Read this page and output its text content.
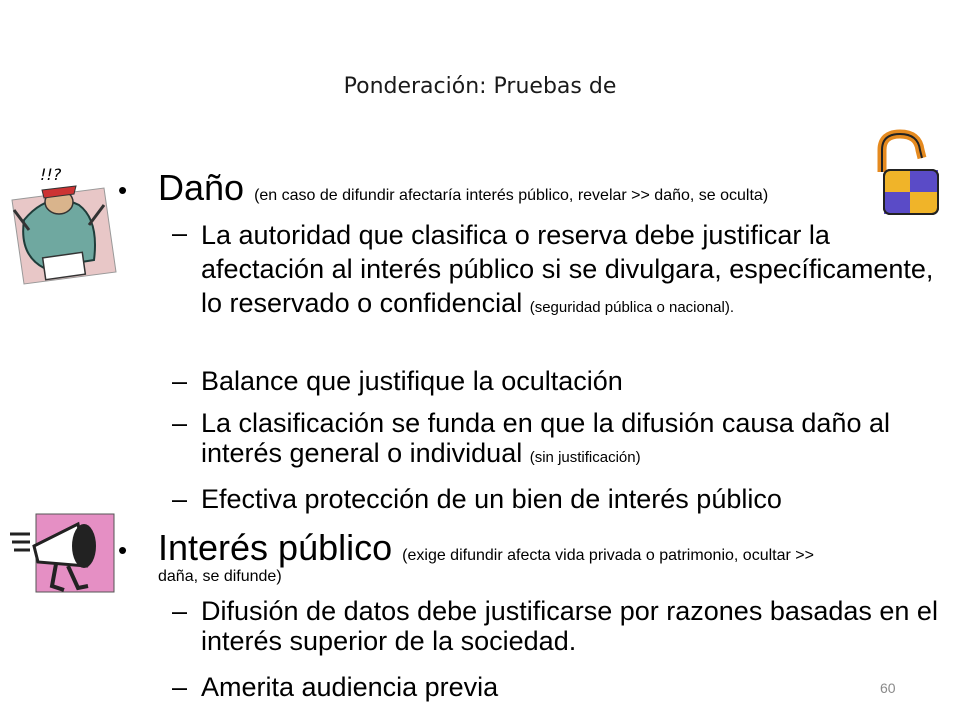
Ponderación: Pruebas de
!!?
• Daño (en caso de difundir afectaría interés público, revelar >> daño, se oculta)
– La autoridad que clasifica o reserva debe justificar la afectación al interés público si se divulgara, específicamente, lo reservado o confidencial (seguridad pública o nacional).
– Balance que justifique la ocultación
– La clasificación se funda en que la difusión causa daño al interés general o individual (sin justificación)
– Efectiva protección de un bien de interés público
• Interés público (exige difundir afecta vida privada o patrimonio, ocultar >>
daña, se difunde)
– Difusión de datos debe justificarse por razones basadas en el interés superior de la sociedad.
– Amerita audiencia previa	60
